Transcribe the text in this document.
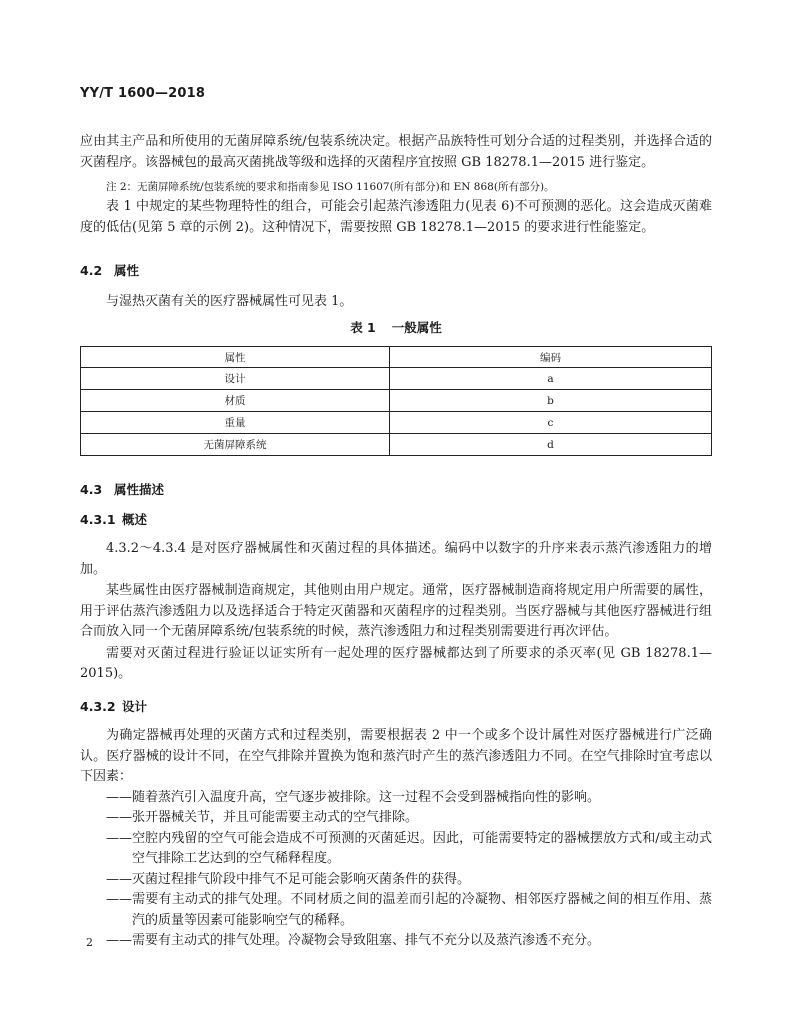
YY/T 1600—2018

应由其主产品和所使用的无菌屏障系统/包装系统决定。根据产品族特性可划分合适的过程类别，并选择合适的灭菌程序。该器械包的最高灭菌挑战等级和选择的灭菌程序宜按照 GB 18278.1—2015 进行鉴定。

注 2：无菌屏障系统/包装系统的要求和指南参见 ISO 11607(所有部分)和 EN 868(所有部分)。

表 1 中规定的某些物理特性的组合，可能会引起蒸汽渗透阻力(见表 6)不可预测的恶化。这会造成灭菌难度的低估(见第 5 章的示例 2)。这种情况下，需要按照 GB 18278.1—2015 的要求进行性能鉴定。

4.2 属性

与湿热灭菌有关的医疗器械属性可见表 1。

表 1 一般属性
属性	编码
设计	a
材质	b
重量	c
无菌屏障系统	d
4.3 属性描述
4.3.1 概述

4.3.2～4.3.4 是对医疗器械属性和灭菌过程的具体描述。编码中以数字的升序来表示蒸汽渗透阻力的增加。

某些属性由医疗器械制造商规定，其他则由用户规定。通常，医疗器械制造商将规定用户所需要的属性，用于评估蒸汽渗透阻力以及选择适合于特定灭菌器和灭菌程序的过程类别。当医疗器械与其他医疗器械进行组合而放入同一个无菌屏障系统/包装系统的时候，蒸汽渗透阻力和过程类别需要进行再次评估。

需要对灭菌过程进行验证以证实所有一起处理的医疗器械都达到了所要求的杀灭率(见 GB 18278.1—2015)。

4.3.2 设计

为确定器械再处理的灭菌方式和过程类别，需要根据表 2 中一个或多个设计属性对医疗器械进行广泛确认。医疗器械的设计不同，在空气排除并置换为饱和蒸汽时产生的蒸汽渗透阻力不同。在空气排除时宜考虑以下因素：

—— 随着蒸汽引入温度升高，空气逐步被排除。这一过程不会受到器械指向性的影响。

—— 张开器械关节，并且可能需要主动式的空气排除。

—— 空腔内残留的空气可能会造成不可预测的灭菌延迟。因此，可能需要特定的器械摆放方式和/或主动式空气排除工艺达到的空气稀释程度。

—— 灭菌过程排气阶段中排气不足可能会影响灭菌条件的获得。

—— 需要有主动式的排气处理。不同材质之间的温差而引起的冷凝物、相邻医疗器械之间的相互作用、蒸汽的质量等因素可能影响空气的稀释。

—— 需要有主动式的排气处理。冷凝物会导致阻塞、排气不充分以及蒸汽渗透不充分。

2
